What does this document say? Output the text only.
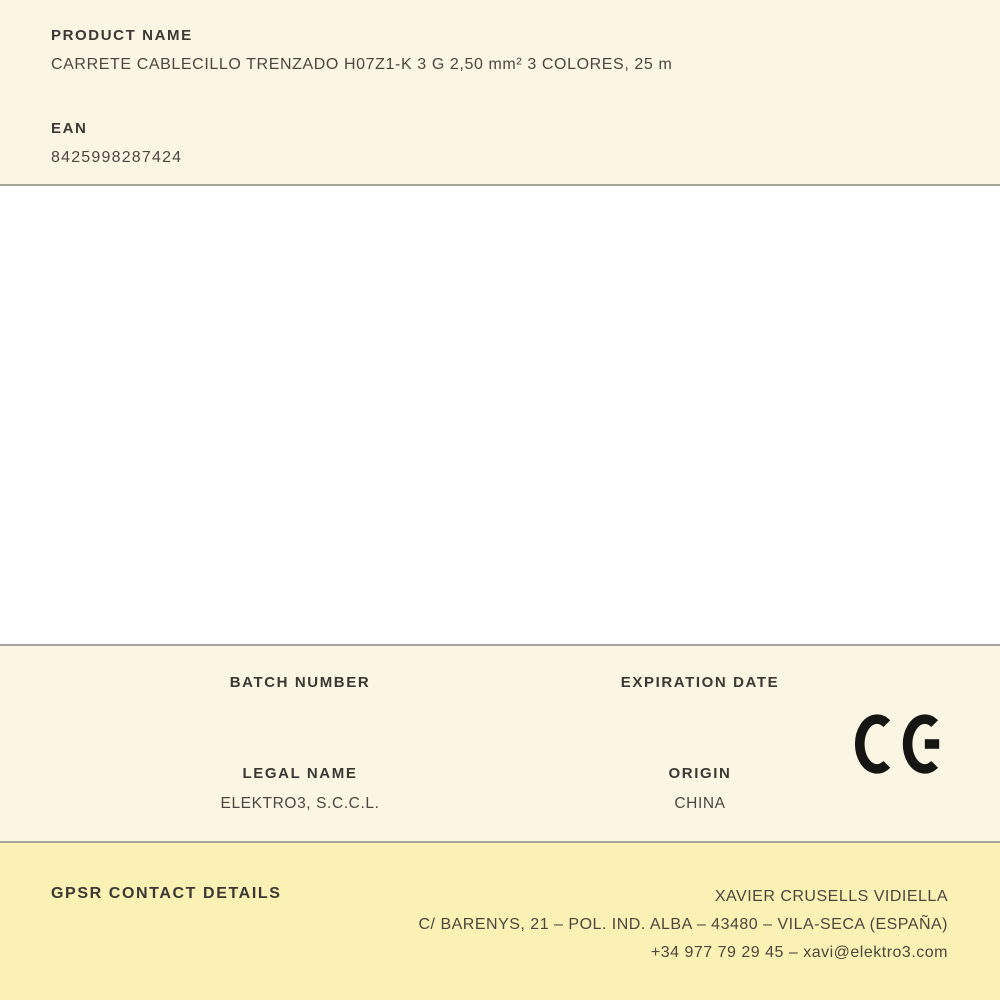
PRODUCT NAME
CARRETE CABLECILLO TRENZADO H07Z1-K 3 G 2,50 mm² 3 COLORES, 25 m
EAN
8425998287424
BATCH NUMBER	EXPIRATION DATE
LEGAL NAME
ELEKTRO3, S.C.C.L.
ORIGIN
CHINA
GPSR CONTACT DETAILS	XAVIER CRUSELLS VIDIELLA
C/ BARENYS, 21 – POL. IND. ALBA – 43480 – VILA-SECA (ESPAÑA)
+34 977 79 29 45 – xavi@elektro3.com
